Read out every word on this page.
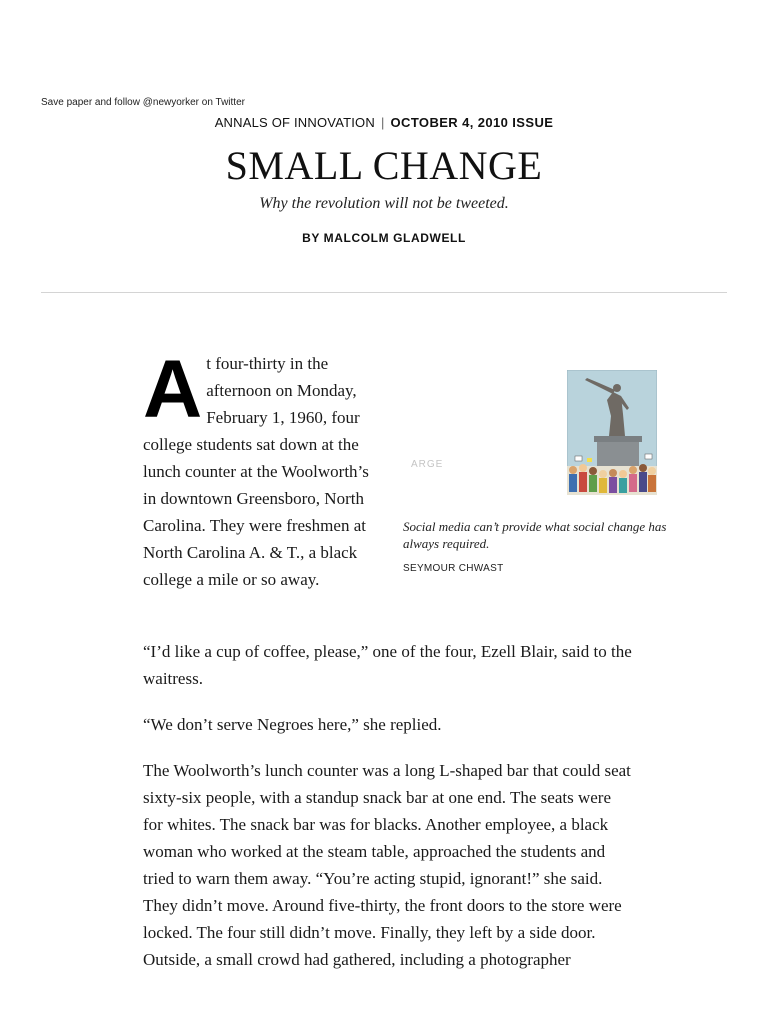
Save paper and follow @newyorker on Twitter
ANNALS OF INNOVATION | OCTOBER 4, 2010 ISSUE
SMALL CHANGE
Why the revolution will not be tweeted.
BY MALCOLM GLADWELL
At four-thirty in the afternoon on Monday, February 1, 1960, four college students sat down at the lunch counter at the Woolworth’s in downtown Greensboro, North Carolina. They were freshmen at North Carolina A. & T., a black college a mile or so away.
ARGE
Social media can’t provide what social change has always required.
SEYMOUR CHWAST

“I’d like a cup of coffee, please,” one of the four, Ezell Blair, said to the waitress.

“We don’t serve Negroes here,” she replied.

The Woolworth’s lunch counter was a long L-shaped bar that could seat sixty-six people, with a standup snack bar at one end. The seats were for whites. The snack bar was for blacks. Another employee, a black woman who worked at the steam table, approached the students and tried to warn them away. “You’re acting stupid, ignorant!” she said. They didn’t move. Around five-thirty, the front doors to the store were locked. The four still didn’t move. Finally, they left by a side door. Outside, a small crowd had gathered, including a photographer
